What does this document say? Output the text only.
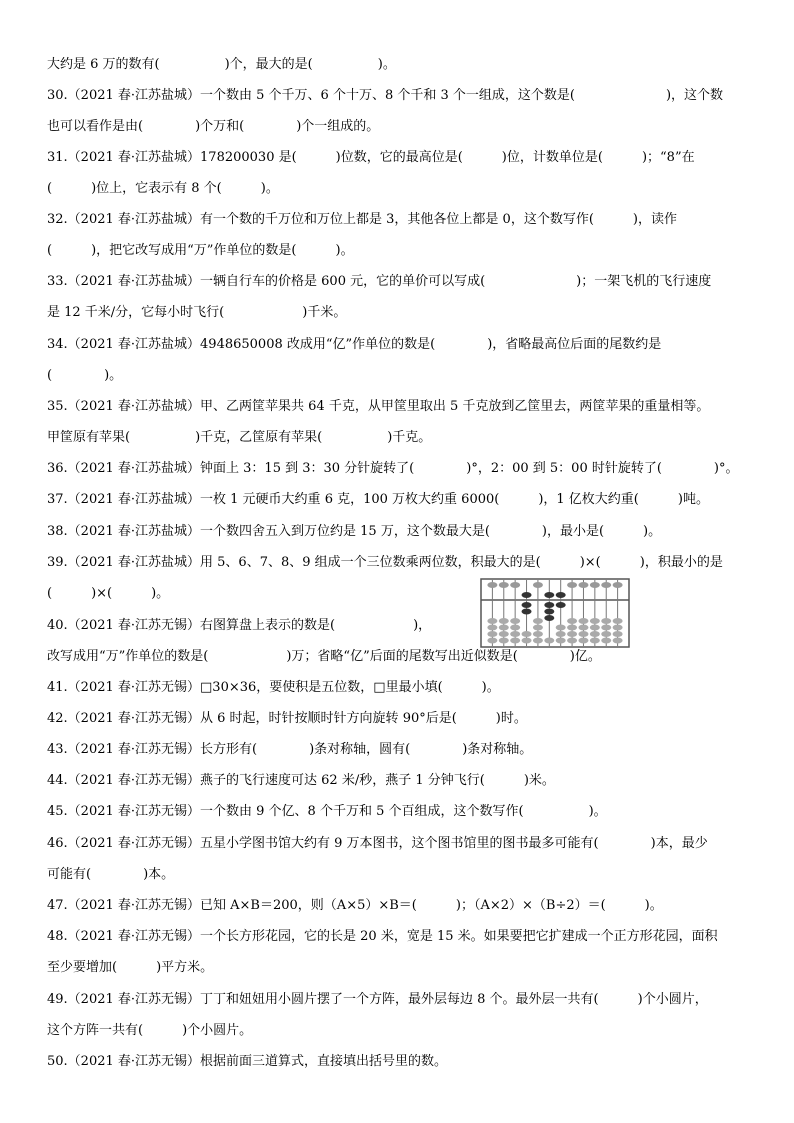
大约是 6 万的数有(　　　　　)个，最大的是(　　　　　)。
30.（2021 春·江苏盐城）一个数由 5 个千万、6 个十万、8 个千和 3 个一组成，这个数是(　　　　　　　)，这个数
也可以看作是由(　　　　)个万和(　　　　)个一组成的。
31.（2021 春·江苏盐城）178200030 是(　　　)位数，它的最高位是(　　　)位，计数单位是(　　　)；“8”在
(　　　)位上，它表示有 8 个(　　　)。
32.（2021 春·江苏盐城）有一个数的千万位和万位上都是 3，其他各位上都是 0，这个数写作(　　　)，读作
(　　　)，把它改写成用“万”作单位的数是(　　　)。
33.（2021 春·江苏盐城）一辆自行车的价格是 600 元，它的单价可以写成(　　　　　　　)；一架飞机的飞行速度
是 12 千米/分，它每小时飞行(　　　　　　)千米。
34.（2021 春·江苏盐城）4948650008 改成用“亿”作单位的数是(　　　　)，省略最高位后面的尾数约是
(　　　　)。
35.（2021 春·江苏盐城）甲、乙两筐苹果共 64 千克，从甲筐里取出 5 千克放到乙筐里去，两筐苹果的重量相等。
甲筐原有苹果(　　　　　)千克，乙筐原有苹果(　　　　　)千克。
36.（2021 春·江苏盐城）钟面上 3：15 到 3：30 分针旋转了(　　　　)°，2：00 到 5：00 时针旋转了(　　　　)°。
37.（2021 春·江苏盐城）一枚 1 元硬币大约重 6 克，100 万枚大约重 6000(　　　)，1 亿枚大约重(　　　)吨。
38.（2021 春·江苏盐城）一个数四舍五入到万位约是 15 万，这个数最大是(　　　　)，最小是(　　　)。
39.（2021 春·江苏盐城）用 5、6、7、8、9 组成一个三位数乘两位数，积最大的是(　　　)×(　　　)，积最小的是
(　　　)×(　　　)。
40.（2021 春·江苏无锡）右图算盘上表示的数是(　　　　　　)，
改写成用“万”作单位的数是(　　　　　　)万；省略“亿”后面的尾数写出近似数是(　　　　)亿。
41.（2021 春·江苏无锡）□30×36，要使积是五位数，□里最小填(　　　)。
42.（2021 春·江苏无锡）从 6 时起，时针按顺时针方向旋转 90°后是(　　　)时。
43.（2021 春·江苏无锡）长方形有(　　　　)条对称轴，圆有(　　　　)条对称轴。
44.（2021 春·江苏无锡）燕子的飞行速度可达 62 米/秒，燕子 1 分钟飞行(　　　)米。
45.（2021 春·江苏无锡）一个数由 9 个亿、8 个千万和 5 个百组成，这个数写作(　　　　　)。
46.（2021 春·江苏无锡）五星小学图书馆大约有 9 万本图书，这个图书馆里的图书最多可能有(　　　　)本，最少
可能有(　　　　)本。
47.（2021 春·江苏无锡）已知 A×B＝200，则（A×5）×B＝(　　　)；（A×2）×（B÷2）＝(　　　)。
48.（2021 春·江苏无锡）一个长方形花园，它的长是 20 米，宽是 15 米。如果要把它扩建成一个正方形花园，面积
至少要增加(　　　)平方米。
49.（2021 春·江苏无锡）丁丁和妞妞用小圆片摆了一个方阵，最外层每边 8 个。最外层一共有(　　　)个小圆片，
这个方阵一共有(　　　)个小圆片。
50.（2021 春·江苏无锡）根据前面三道算式，直接填出括号里的数。
